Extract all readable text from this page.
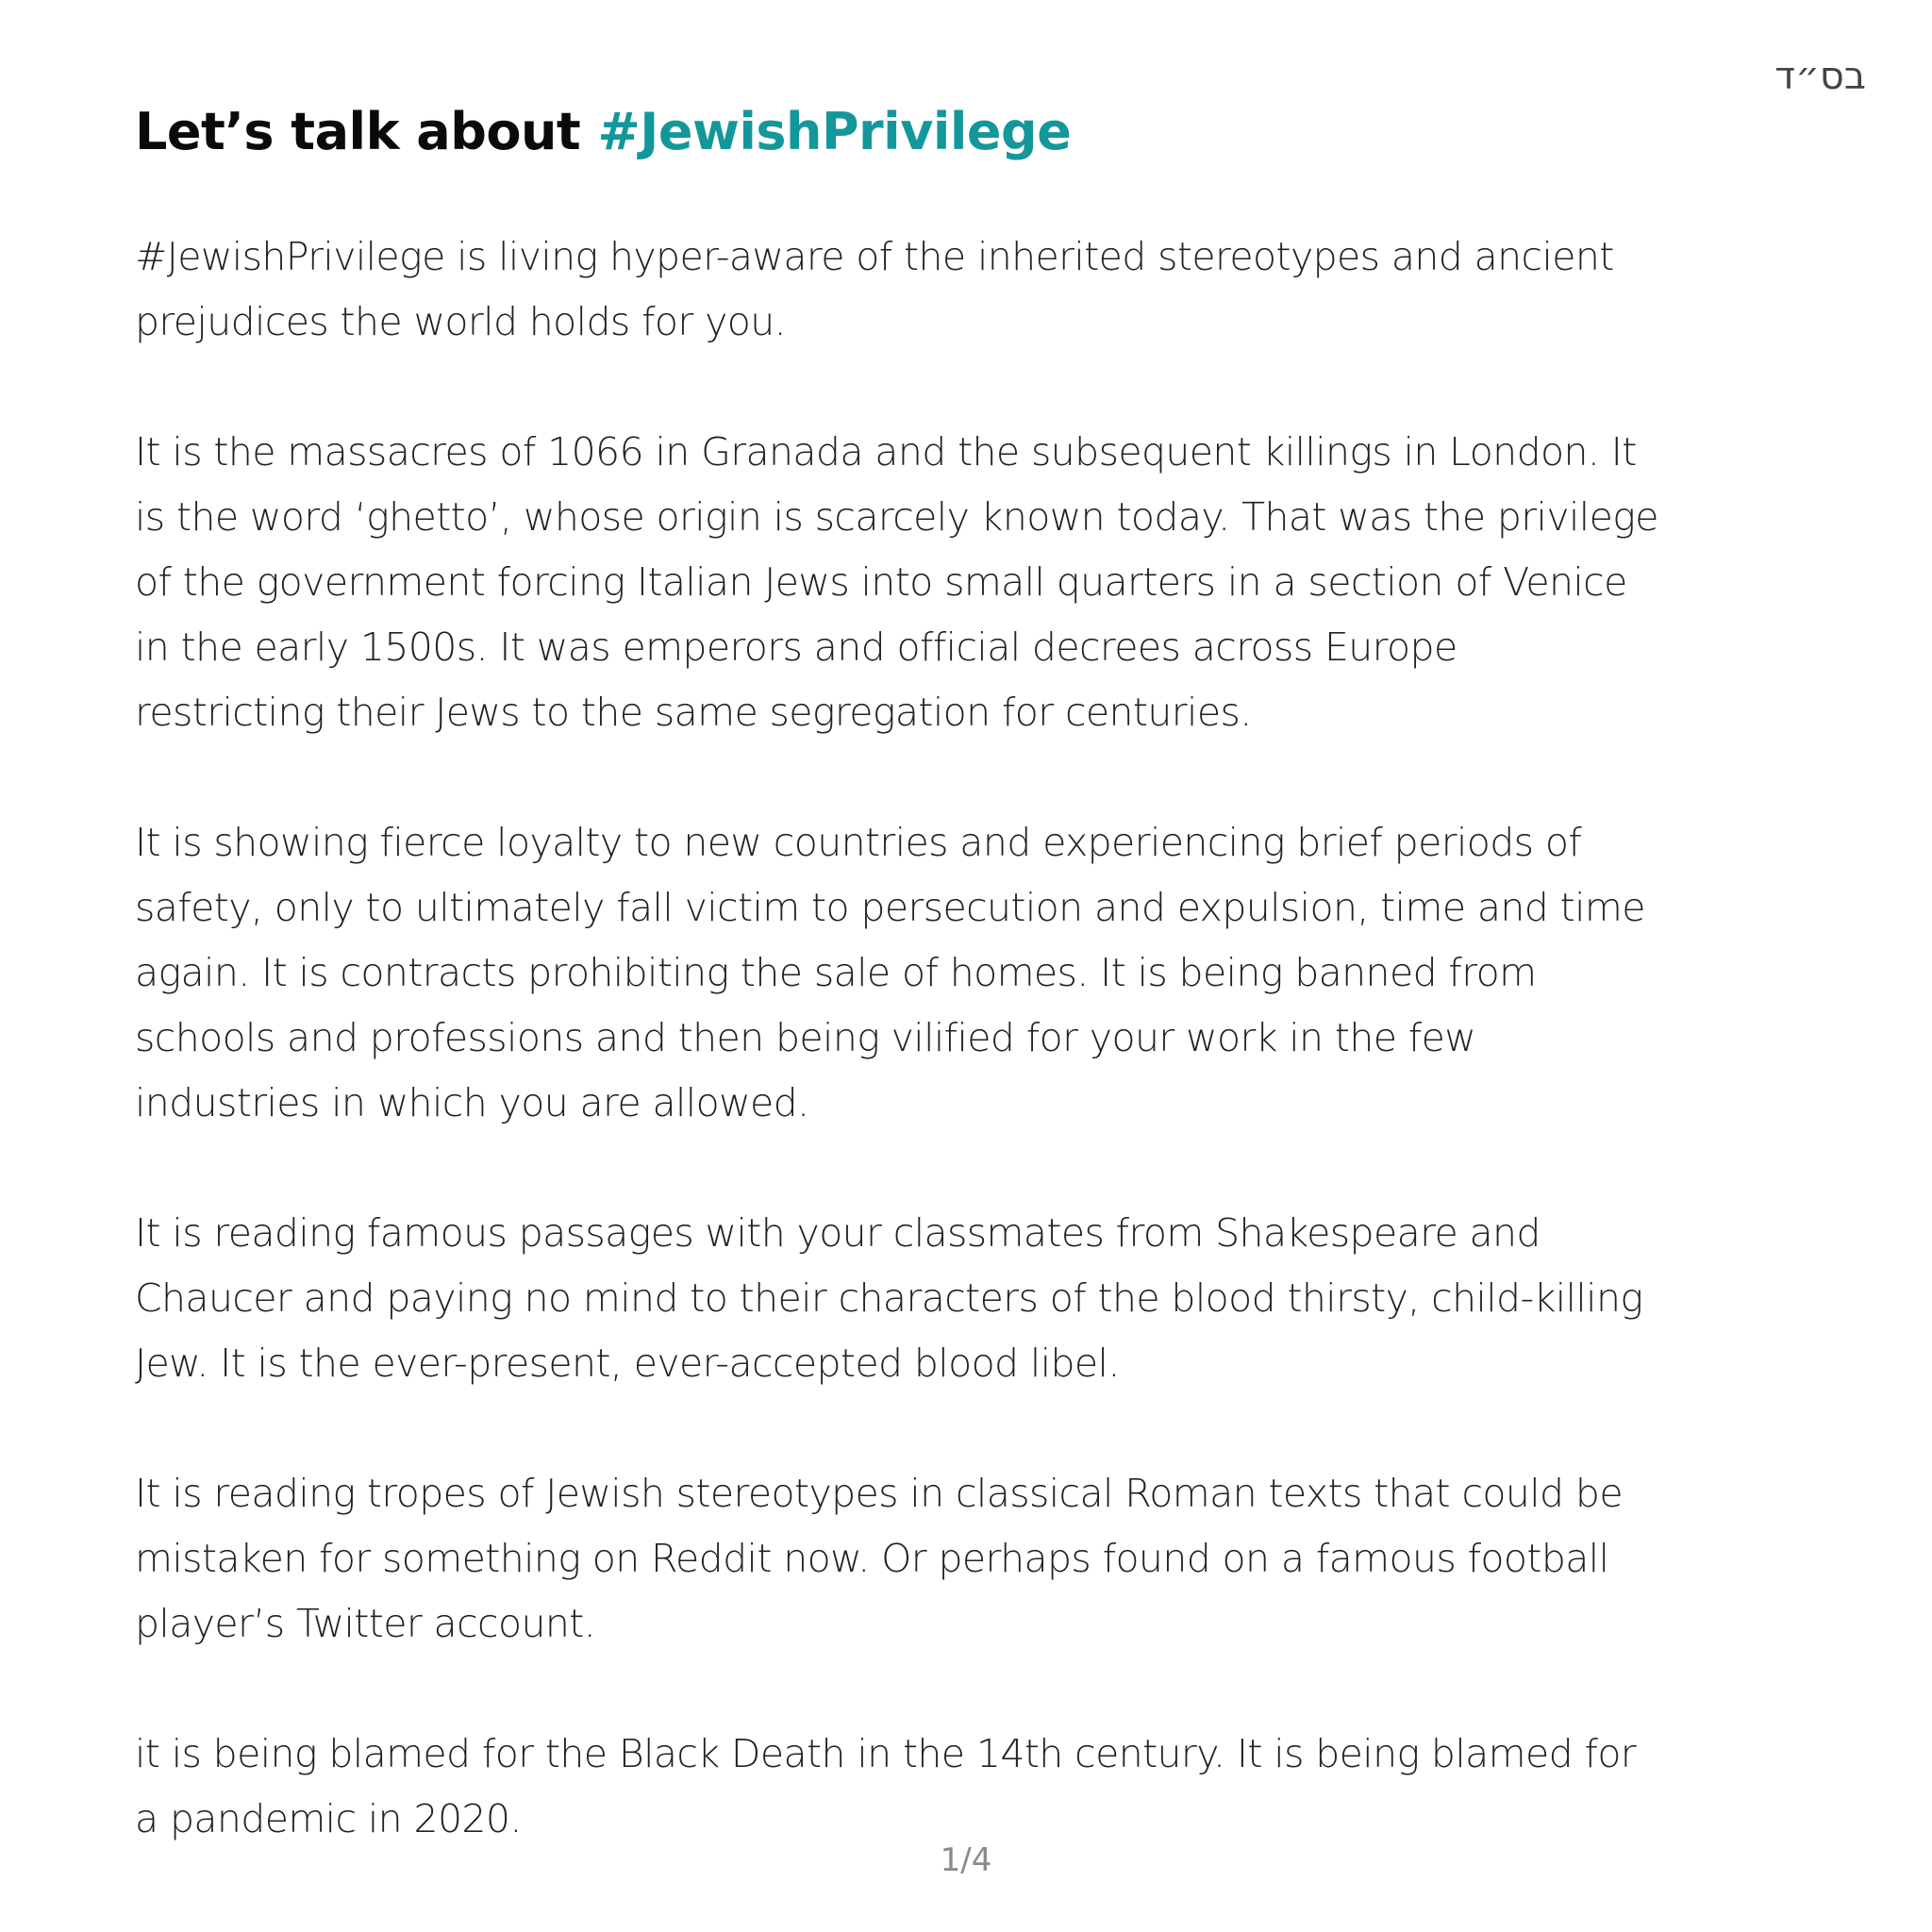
בס״ד
Let’s talk about #JewishPrivilege

#JewishPrivilege is living hyper-aware of the inherited stereotypes and ancient
prejudices the world holds for you.

It is the massacres of 1066 in Granada and the subsequent killings in London. It
is the word ‘ghetto’, whose origin is scarcely known today. That was the privilege
of the government forcing Italian Jews into small quarters in a section of Venice
in the early 1500s. It was emperors and official decrees across Europe
restricting their Jews to the same segregation for centuries.

It is showing fierce loyalty to new countries and experiencing brief periods of
safety, only to ultimately fall victim to persecution and expulsion, time and time
again. It is contracts prohibiting the sale of homes. It is being banned from
schools and professions and then being vilified for your work in the few
industries in which you are allowed.

It is reading famous passages with your classmates from Shakespeare and
Chaucer and paying no mind to their characters of the blood thirsty, child-killing
Jew. It is the ever-present, ever-accepted blood libel.

It is reading tropes of Jewish stereotypes in classical Roman texts that could be
mistaken for something on Reddit now. Or perhaps found on a famous football
player’s Twitter account.

it is being blamed for the Black Death in the 14th century. It is being blamed for
a pandemic in 2020.

1/4
